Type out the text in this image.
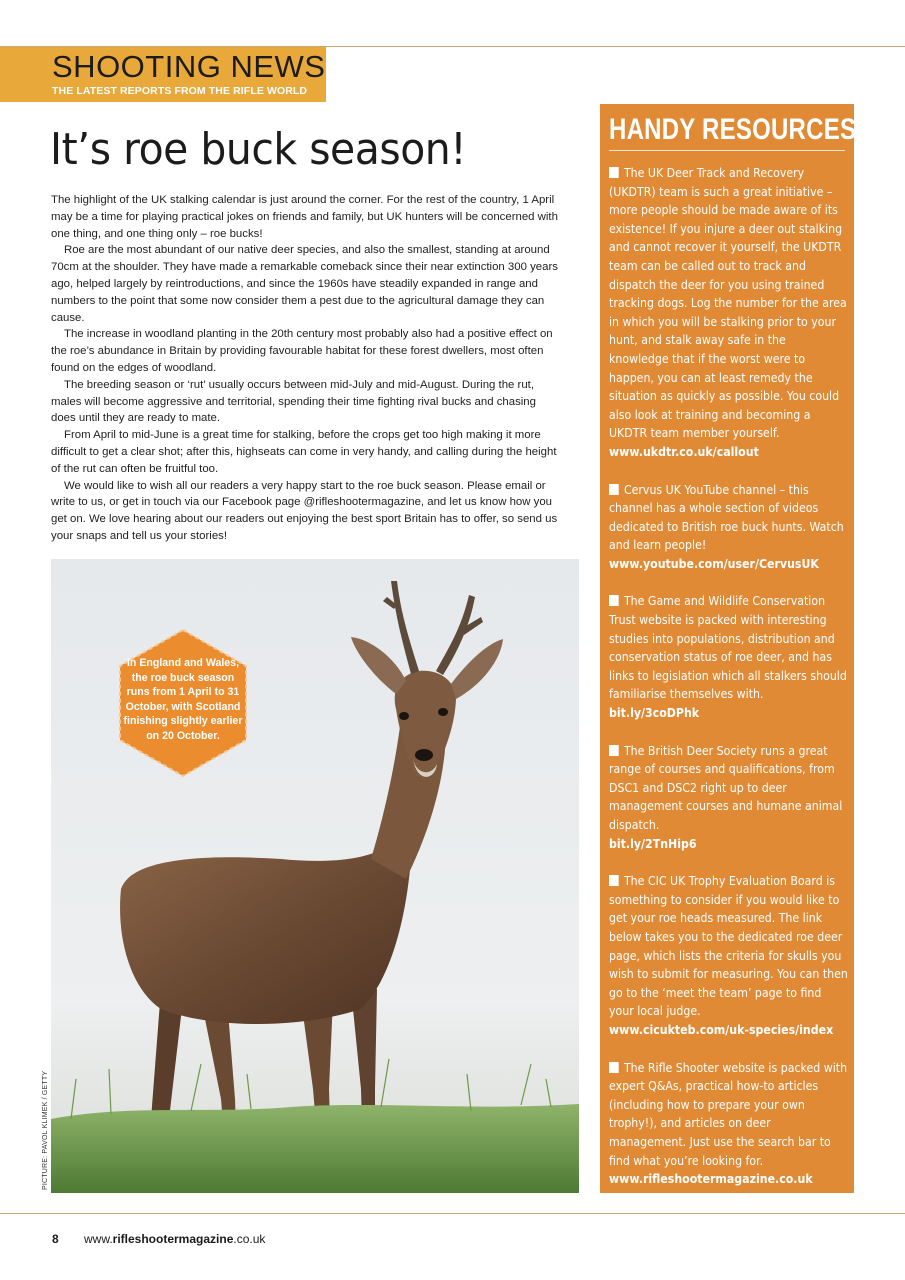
SHOOTING NEWS
THE LATEST REPORTS FROM THE RIFLE WORLD
It’s roe buck season!

The highlight of the UK stalking calendar is just around the corner. For the rest of the country, 1 April may be a time for playing practical jokes on friends and family, but UK hunters will be concerned with one thing, and one thing only – roe bucks!

Roe are the most abundant of our native deer species, and also the smallest, standing at around 70cm at the shoulder. They have made a remarkable comeback since their near extinction 300 years ago, helped largely by reintroductions, and since the 1960s have steadily expanded in range and numbers to the point that some now consider them a pest due to the agricultural damage they can cause.

The increase in woodland planting in the 20th century most probably also had a positive effect on the roe’s abundance in Britain by providing favourable habitat for these forest dwellers, most often found on the edges of woodland.

The breeding season or ‘rut’ usually occurs between mid-July and mid-August. During the rut, males will become aggressive and territorial, spending their time fighting rival bucks and chasing does until they are ready to mate.

From April to mid-June is a great time for stalking, before the crops get too high making it more difficult to get a clear shot; after this, highseats can come in very handy, and calling during the height of the rut can often be fruitful too.

We would like to wish all our readers a very happy start to the roe buck season. Please email or write to us, or get in touch via our Facebook page @rifleshootermagazine, and let us know how you get on. We love hearing about our readers out enjoying the best sport Britain has to offer, so send us your snaps and tell us your stories!

PICTURE: PAVOL KLIMEK / GETTY
In England and Wales, the roe buck season runs from 1 April to 31 October, with Scotland finishing slightly earlier on 20 October.
HANDY RESOURCES
The UK Deer Track and Recovery (UKDTR) team is such a great initiative – more people should be made aware of its existence! If you injure a deer out stalking and cannot recover it yourself, the UKDTR team can be called out to track and dispatch the deer for you using trained tracking dogs. Log the number for the area in which you will be stalking prior to your hunt, and stalk away safe in the knowledge that if the worst were to happen, you can at least remedy the situation as quickly as possible. You could also look at training and becoming a UKDTR team member yourself.
www.ukdtr.co.uk/callout
Cervus UK YouTube channel – this channel has a whole section of videos dedicated to British roe buck hunts. Watch and learn people!
www.youtube.com/user/CervusUK
The Game and Wildlife Conservation Trust website is packed with interesting studies into populations, distribution and conservation status of roe deer, and has links to legislation which all stalkers should familiarise themselves with.
bit.ly/3coDPhk
The British Deer Society runs a great range of courses and qualifications, from DSC1 and DSC2 right up to deer management courses and humane animal dispatch.
bit.ly/2TnHip6
The CIC UK Trophy Evaluation Board is something to consider if you would like to get your roe heads measured. The link below takes you to the dedicated roe deer page, which lists the criteria for skulls you wish to submit for measuring. You can then go to the ‘meet the team’ page to find your local judge.
www.cicukteb.com/uk-species/index
The Rifle Shooter website is packed with expert Q&As, practical how-to articles (including how to prepare your own trophy!), and articles on deer management. Just use the search bar to find what you’re looking for.
www.rifleshootermagazine.co.uk
8 www.rifleshootermagazine.co.uk
